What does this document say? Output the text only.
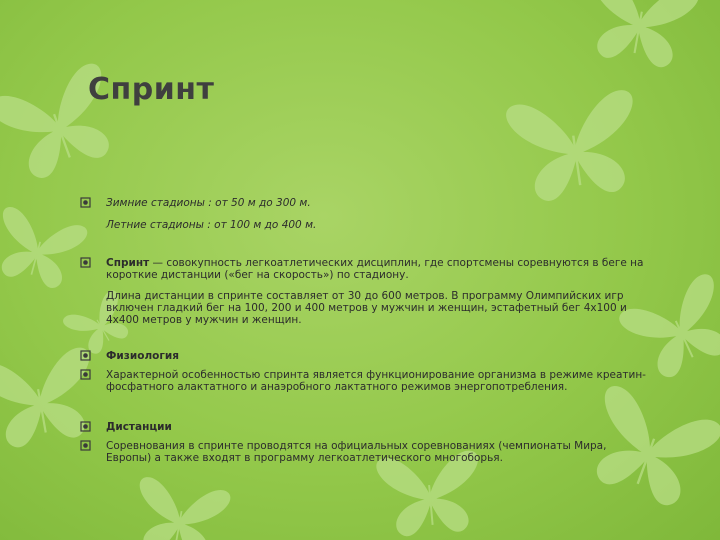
Спринт
Зимние стадионы : от 50 м до 300 м.
Летние стадионы : от 100 м до 400 м.
Спринт — совокупность легкоатлетических дисциплин, где спортсмены соревнуются в беге на короткие дистанции («бег на скорость») по стадиону.
Длина дистанции в спринте составляет от 30 до 600 метров. В программу Олимпийских игр включен гладкий бег на 100, 200 и 400 метров у мужчин и женщин, эстафетный бег 4х100 и 4х400 метров у мужчин и женщин.
Физиология
Характерной особенностью спринта является функционирование организма в режиме креатин-фосфатного алактатного и анаэробного лактатного режимов энергопотребления.
Дистанции
Соревнования в спринте проводятся на официальных соревнованиях (чемпионаты Мира, Европы) а также входят в программу легкоатлетического многоборья.
